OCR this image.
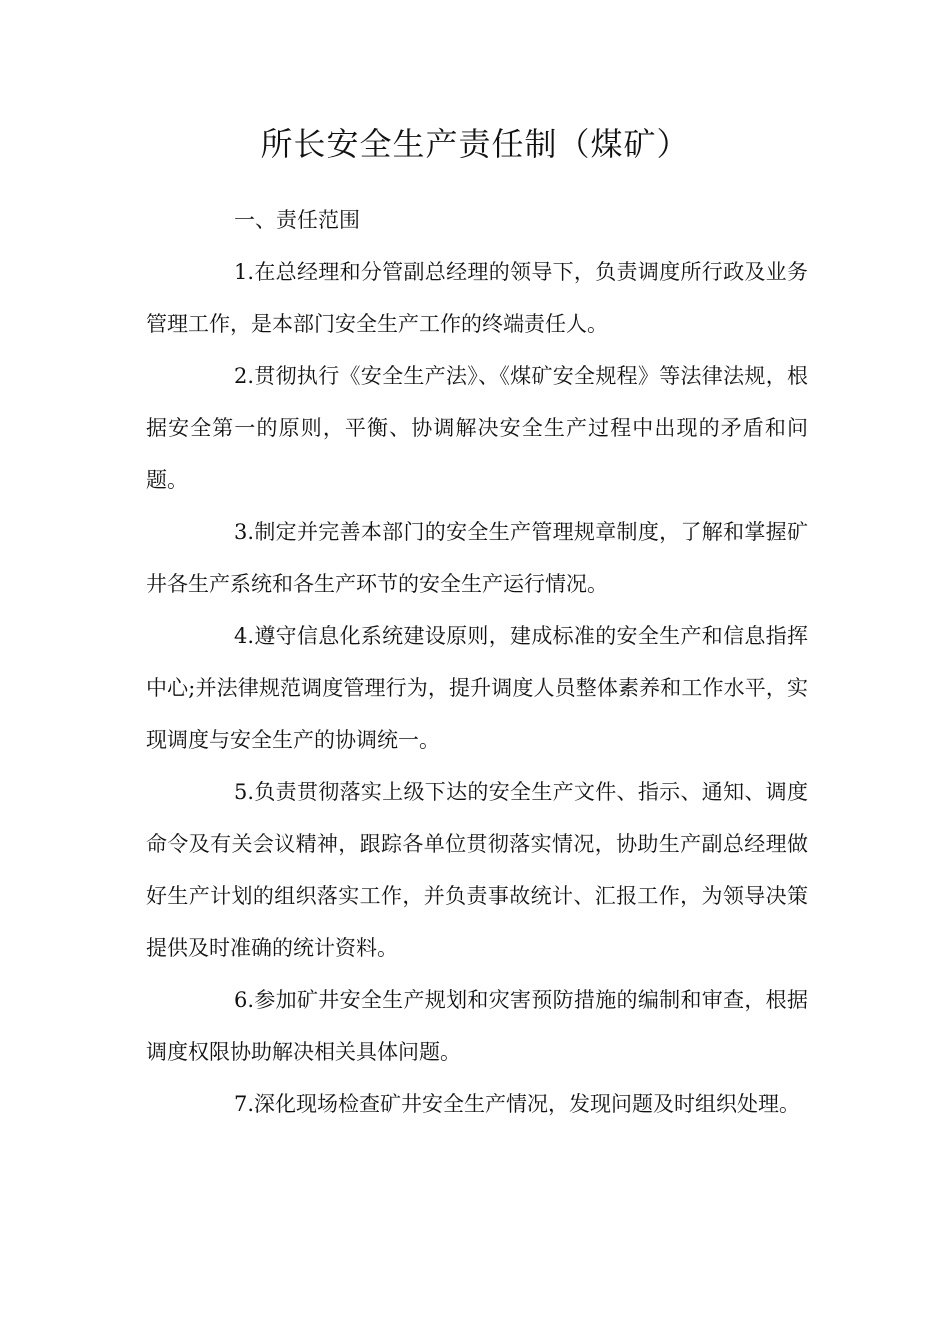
所长安全生产责任制（煤矿）

一、责任范围

1.在总经理和分管副总经理的领导下，负责调度所行政及业务管理工作，是本部门安全生产工作的终端责任人。

2.贯彻执行《安全生产法》、《煤矿安全规程》等法律法规，根据安全第一的原则，平衡、协调解决安全生产过程中出现的矛盾和问题。

3.制定并完善本部门的安全生产管理规章制度，了解和掌握矿井各生产系统和各生产环节的安全生产运行情况。

4.遵守信息化系统建设原则，建成标准的安全生产和信息指挥中心;并法律规范调度管理行为，提升调度人员整体素养和工作水平，实现调度与安全生产的协调统一。

5.负责贯彻落实上级下达的安全生产文件、指示、通知、调度命令及有关会议精神，跟踪各单位贯彻落实情况，协助生产副总经理做好生产计划的组织落实工作，并负责事故统计、汇报工作，为领导决策提供及时准确的统计资料。

6.参加矿井安全生产规划和灾害预防措施的编制和审查，根据调度权限协助解决相关具体问题。

7.深化现场检查矿井安全生产情况，发现问题及时组织处理。
